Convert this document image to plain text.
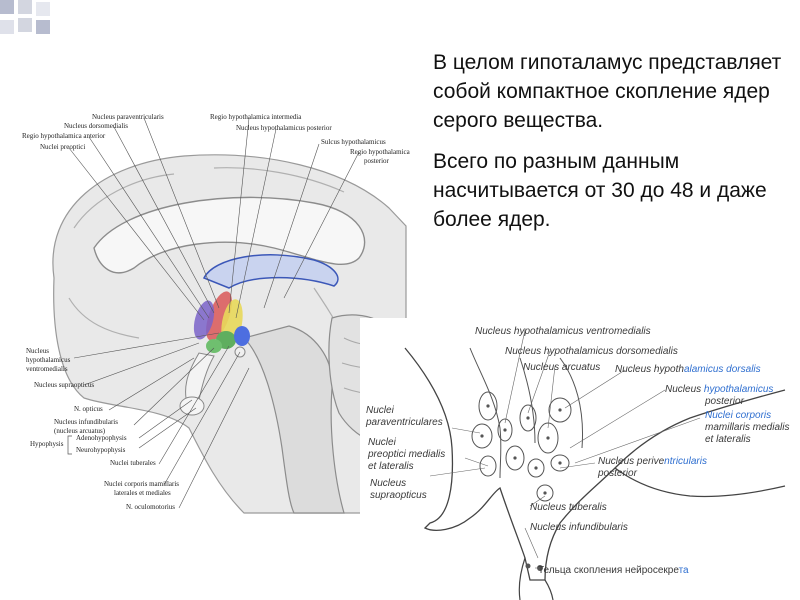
В целом гипоталамус представляет собой компактное скопление ядер серого вещества.

Всего по разным данным насчитывается от 30 до 48 и даже более ядер.

Nucleus paraventricularis
Nucleus dorsomedialis
Regio hypothalamica anterior
Nuclei preoptici
Regio hypothalamica intermedia
Nucleus hypothalamicus posterior
Sulcus hypothalamicus
Regio hypothalamica
posterior
Nucleus
hypothalamicus
ventromedialis
Nucleus supraopticus
N. opticus
Nucleus infundibularis
(nucleus arcuatus)
Hypophysis
Adenohypophysis
Neurohypophysis
Nuclei tuberales
Nuclei corporis mamillaris
laterales et mediales
N. oculomotorius
Nucleus hypothalamicus ventromedialis
Nucleus hypothalamicus dorsomedialis
Nucleus arcuatus Nucleus hypothalamicus dorsalis
Nucleus hypothalamicus
posterior
Nuclei corporis
mamillaris medialis
et lateralis
Nuclei
paraventriculares
Nuclei
preoptici medialis
et lateralis
Nucleus
supraopticus
Nucleus periventricularis
posterior
Nucleus tuberalis
Nucleus infundibularis
Тельца скопления нейросекрета
